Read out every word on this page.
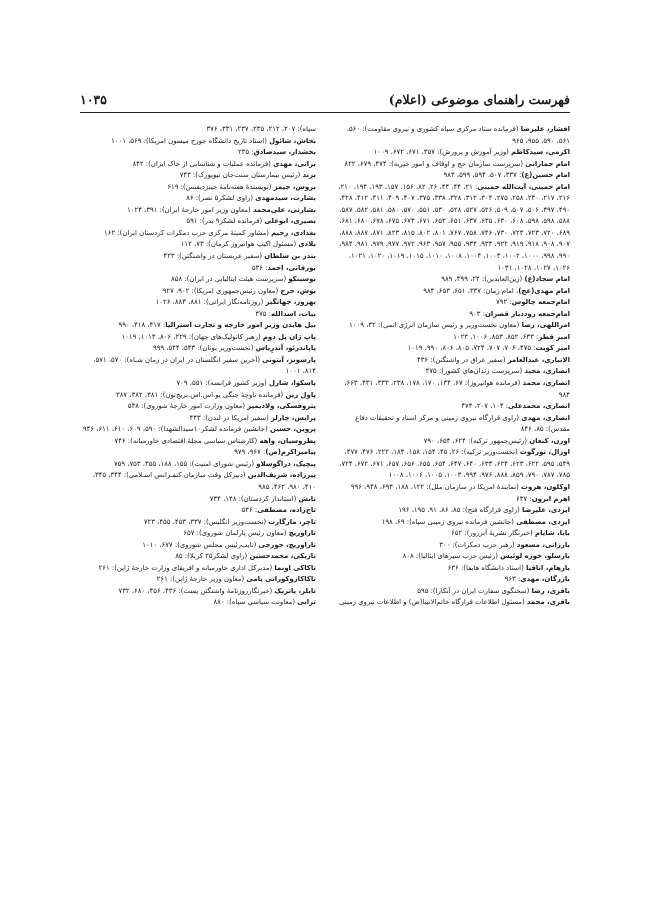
فهرست راهنمای موضوعی (اعلام)
۱۰۳۵

افشار، علیرضا (فرمانده ستاد مرکزی سپاه کشوری و نیروی مقاومت): ۵۶۰، ۵۶۱، ۵۹۰، ۹۵۵، ۹۶۵

اکرمی، سیدکاظم (وزیر آموزش و پرورش): ۳۵۷، ۶۷۱، ۶۷۲، ۱۰۰۹

امام جمارانی (سرپرست سازمان حج و اوقاف و امور خیریه): ۴۷۴، ۶۷۹، ۸۲۲

امام حسین(ع): ۳۳۷، ۵۰۷، ۵۹۴، ۵۹۹، ۹۸۴

امام خمینی، آیت‌الله خمینی: ۲۱، ۴۴، ۴۴، ۲۶، ۸۲، ۱۵۶، ۱۵۷، ۱۹۳، ۱۹۴، ۲۱۰، ۲۱۶، ۲۱۷، ۲۴۰، ۲۵۸، ۲۷۵، ۳۰۴، ۳۱۲، ۳۲۸، ۳۳۸، ۳۷۵، ۴۰۷، ۴۰۹، ۴۱۱، ۴۱۲، ۴۲۸، ۴۹۰، ۴۹۷، ۵۰۶، ۵۰۷، ۵۰۹، ۵۲۶، ۵۲۷، ۵۲۸، ۵۳۰، ۵۵۱، ۵۷۰، ۵۸۰، ۵۸۱، ۵۸۲، ۵۸۷، ۵۸۸، ۵۹۸، ۵۹۸، ۶۰۸، ۶۳۰، ۶۳۵، ۶۳۷، ۶۵۱، ۶۵۳، ۶۷۱، ۶۷۳، ۶۷۵، ۶۷۸، ۶۸۰، ۶۸۱، ۶۸۹، ۷۲۰، ۷۲۳، ۷۲۴، ۷۳۰، ۷۴۶، ۷۵۸، ۷۶۷، ۸۰۱، ۸۰۲، ۸۱۵، ۸۲۳، ۸۷۱، ۸۸۷، ۸۸۸، ۹۰۷، ۹۰۸، ۹۱۸، ۹۱۹، ۹۲۲، ۹۳۳، ۹۳۴، ۹۵۵، ۹۵۷، ۹۶۳، ۹۷۲، ۹۷۷، ۹۷۹، ۹۸۱، ۹۸۴، ۹۹۰، ۹۹۸، ۱۰۰۰، ۱۰۰۲، ۱۰۰۳، ۱۰۰۴، ۱۰۰۸، ۱۰۱۰، ۱۰۱۵، ۱۰۱۹، ۱۰۲۰، ۱۰۲۱، ۱۰۲۶، ۱۰۲۷، ۱۰۲۸، ۱۰۳۱

امام سجاد(ع) (زین‌العابدین): ۲۴، ۳۹۹، ۹۸۹

امام مهدی(عج)، امام زمان: ۳۳۷، ۶۵۱، ۶۵۳، ۹۸۴

امام‌جمعه چالوس: ۷۹۲

امام‌جمعه روددبار قصران: ۹۰۳

امراللهی، رضا (معاون نخست‌وزیر و رئیس سازمان انرژی اتمی): ۳۲، ۱۰۰۹

امیر قطر: ۶۳۳، ۸۵۲، ۸۵۳، ۱۰۰۶، ۱۰۲۳

امیر کویت: ۴۷۵، ۷۰۶، ۷۰۷، ۷۲۴، ۸۰۵، ۸۰۶، ۹۹۰، ۱۰۱۹

الانباری، عبدالعامر (سفیر عراق در واشنگتن): ۴۳۶

انصاری، مجید (سرپرست زندان‌های کشور): ۴۷۵

انصاری، محمد (فرمانده هوانیروز): ۶۷، ۱۳۴، ۱۷۰، ۱۷۸، ۲۳۸، ۳۳۳، ۴۳۱، ۶۶۳، ۹۸۴

انصاری، محمدعلی: ۱۰۴، ۲۰۷، ۴۷۴

انصاری، مهدی (راوی قرارگاه نیروی زمینی و مرکز اسناد و تحقیقات دفاع مقدس): ۸۵، ۸۴۶

اورن، کنعان (رئیس‌جمهور ترکیه): ۶۲۴، ۶۵۴، ۷۹۰

اوزال، تورگوت (نخست‌وزیر ترکیه): ۲۶، ۴۵، ۱۵۴، ۱۵۸، ۱۸۴، ۲۲۲، ۴۷۶، ۴۷۷، ۵۴۹، ۵۹۵، ۶۲۲، ۶۲۳، ۶۲۴، ۶۳۳، ۶۴۰، ۶۴۷، ۶۵۴، ۶۵۵، ۶۵۶، ۶۵۷، ۶۷۱، ۶۷۲، ۷۲۴، ۷۸۵، ۷۸۷، ۷۹۰، ۸۵۹، ۸۸۸، ۹۷۶، ۹۹۴، ۱۰۰۳، ۱۰۰۵، ۱۰۰۶، ۱۰۰۸

اوکلون، هروت (نمایندهٔ امریکا در سازمان ملل): ۱۲۲، ۱۸۸، ۶۹۴، ۹۴۸، ۹۹۶

اهرم ابرون: ۶۳۷

ایزدی، علیرضا (راوی قرارگاه فتح): ۸۵، ۸۶، ۹۱، ۱۹۵، ۱۹۶

ایزدی، مصطفی (جانشین فرمانده نیروی زمینی سپاه): ۶۹، ۱۹۸

بابا، شایام (خبرنگار نشریهٔ آبزرور): ۶۵۲

بارزانی، مسعود (رهبر حزب دمکرات): ۳۰۰

بارسلو، خوزه لوئیس (رئیس حزب سیرهای ایتالیا): ۸۰۸

بارهام، اتاقیا (استاد دانشگاه هایفا): ۶۳۶

بازرگان، مهدی: ۹۶۳

باقری، رضا (سخنگوی سفارت ایران در آنکارا): ۵۹۵

باقری، محمد (مسئول اطلاعات قرارگاه خاتم‌الانبیا(ص) و اطلاعات نیروی زمینی

سپاه): ۲۰۷، ۲۱۲، ۲۳۵، ۲۳۷، ۳۳۱، ۳۷۶

بخاش، شائول (استاد تاریخ دانشگاه جورج میسون امریکا): ۵۶۹، ۱۰۰۱

بخشدار، سیدصادق: ۲۳۵

براتی، مهدی (فرمانده عملیات و شناسایی از خاک ایران): ۸۴۲

برند (رئیس بیمارستان سنت‌جان نیویورک): ۷۴۳

بروس، جیمز (نویسندهٔ هفته‌نامهٔ جینزدیفنس): ۶۱۹

بشارت، سیدمهدی (راوی لشکر۵ نصر): ۸۶

بشارتی، علی‌محمد (معاون وزیر امور خارجهٔ ایران): ۳۹۱، ۱۰۲۴

بصیری، ابوعلی (فرمانده لشکر۹ بدر): ۵۹۱

بغدادی، رحیم (مشاور کمیتهٔ مرکزی حزب دمکرات کردستان ایران): ۱۶۲

بلادی (مسئول اکیپ هوانیروز کرمان): ۷۳، ۱۱۲

بندر بن سلطان (سفیر عربستان در واشنگتن): ۴۲۳

بورقانی، احمد: ۵۳۶

بوسینکو (سرپرست هیئت ایتالیایی در ایران): ۸۵۸

بوش، جرج (معاون رئیس‌جمهوری امریکا): ۹۰۲، ۹۲۷

بهروز، جهانگیر (روزنامه‌نگار ایرانی): ۸۸۱، ۸۸۳، ۱۰۲۶

بیات، اسدالله: ۴۷۵

بیل هایدن وزیر امور خارجه و تجارت استرالیا: ۴۱۷، ۴۱۸، ۹۹۰

پاپ ژان پل دوم (رهبر کاتولیک‌های جهان): ۲۲۹، ۸۰۶، ۱۰۱۴، ۱۰۱۹

پاپاندرئو، آندرِیاس (نخست‌وزیر یونان): ۵۴۳، ۵۴۴، ۹۹۹

پارسونز، آنتونی (آخرین سفیر انگلستان در ایران در زمان شـاه): ۵۷۰، ۵۷۱، ۸۱۴، ۱۰۰۱

پاسکوا، شارل (وزیر کشور فرانسه): ۵۵۱، ۷۰۹

پاول رین (فرمانده ناوچهٔ جنگی یو.اس.اس.بریج‌تون): ۳۸۱، ۳۸۲، ۳۸۷

پتروفسکی، ولادیمیر (معاون وزارت امور خارجهٔ شوروی): ۵۴۸

پرایس، چارلز (سفیر امریکا در لندن): ۴۴۳

پروین، حسین (جانشین فرمانده لشکر۱۰سیدالشهدا): ۵۹۰، ۶۰۹، ۶۱۰، ۶۱۱، ۹۴۶

پطروسیان، واهه (کارشناس سیاسی مجلهٔ اقتصادی خاورمیانه): ۷۴۶

پیامبراکرم(ص): ۹۶۷، ۹۷۹

پیچیک، دراگوسلاو (رئیس شورای امنیت): ۱۵۵، ۱۸۸، ۳۵۵، ۷۵۳، ۷۵۹

پیرزاده، شریف‌الدین (دبیرکل وقت سازمان کنفـرانس اسـلامی): ۳۴۴، ۳۴۵، ۴۱۰، ۹۸۰، ۴۶۲، ۹۸۵

تابش (استاندار کردستان): ۱۴۸، ۷۳۴

تاج‌زاده، مصطفی: ۵۳۶

تاچر، مارگارت (نخست‌وزیر انگلیس): ۳۳۷، ۴۵۳، ۴۵۵، ۷۲۳

تاراوریچ (معاون رئیس پارلمان شوروی): ۶۵۷

تاراوریچ، جورجی (نایب‌رئیس مجلس شوروی): ۶۷۷، ۱۰۱۰

تازیکی، محمدحسین (راوی لشکر۲۵ کربلا): ۸۵

تاکاکی اونما (مدیرکل اداری خاورمیانه و افریقای وزارت خارجهٔ ژاپن): ۲۶۱

تاکاکازوکوراتی یامی (معاون وزیر خارجهٔ ژاپن): ۲۶۱

تایلر، پاتریک (خبرنگارروزنامهٔ واشنگتن پست): ۴۳۶، ۴۵۶، ۶۸۰، ۷۳۲

ترابی (معاونت سیاسی سپاه): ۸۸۰
